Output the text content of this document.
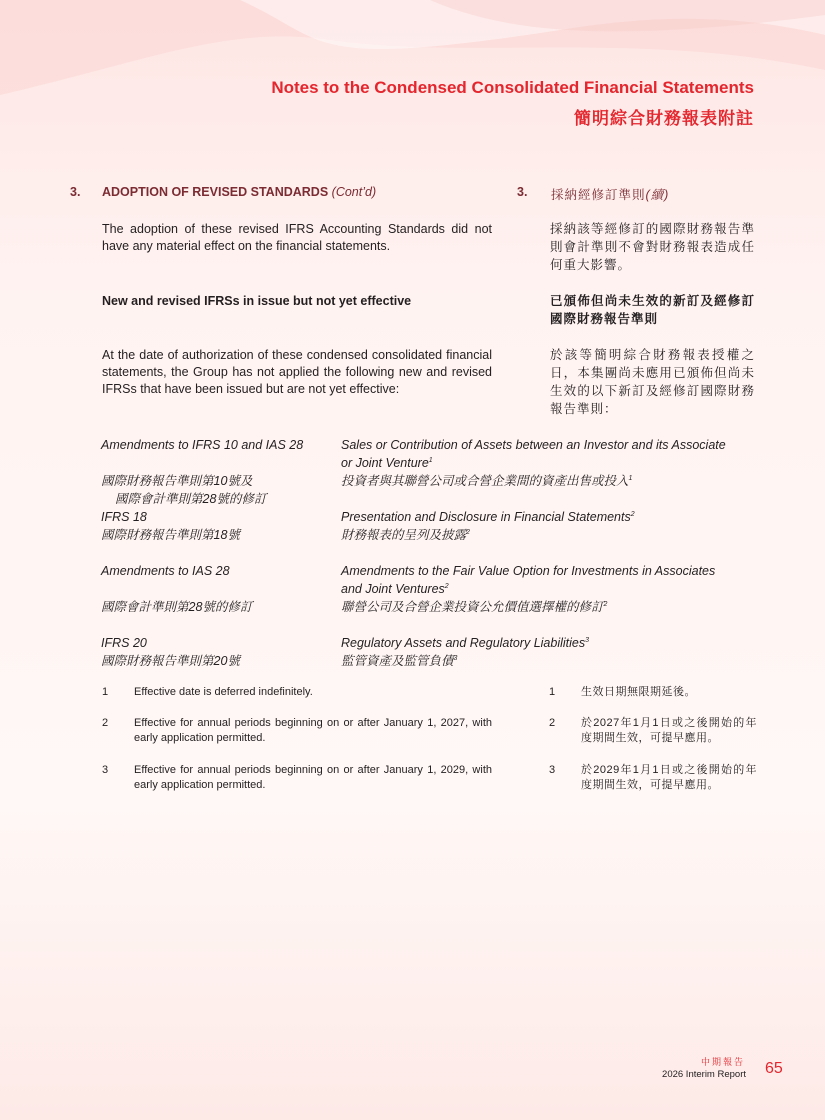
Notes to the Condensed Consolidated Financial Statements
簡明綜合財務報表附註
3. ADOPTION OF REVISED STANDARDS (Cont’d)	3. 採納經修訂準則(續)
The adoption of these revised IFRS Accounting Standards did not have any material effect on the financial statements.
採納該等經修訂的國際財務報告準則會計準則不會對財務報表造成任何重大影響。
New and revised IFRSs in issue but not yet effective	已頒佈但尚未生效的新訂及經修訂國際財務報告準則
At the date of authorization of these condensed consolidated financial statements, the Group has not applied the following new and revised IFRSs that have been issued but are not yet effective:
於該等簡明綜合財務報表授權之日，本集團尚未應用已頒佈但尚未生效的以下新訂及經修訂國際財務報告準則：
Amendments to IFRS 10 and IAS 28
國際財務報告準則第10號及
國際會計準則第28號的修訂
IFRS 18
國際財務報告準則第18號
Amendments to IAS 28
國際會計準則第28號的修訂
IFRS 20
國際財務報告準則第20號
Sales or Contribution of Assets between an Investor and its Associate
or Joint Venture$^1$
投資者與其聯營公司或合營企業間的資產出售或投入$^1$
Presentation and Disclosure in Financial Statements$^2$
財務報表的呈列及披露$^2$
Amendments to the Fair Value Option for Investments in Associates
and Joint Ventures$^2$
聯營公司及合營企業投資公允價值選擇權的修訂$^2$
Regulatory Assets and Regulatory Liabilities$^3$
監管資產及監管負債$^3$
1 Effective date is deferred indefinitely.
2 Effective for annual periods beginning on or after January 1, 2027, with early application permitted.
3 Effective for annual periods beginning on or after January 1, 2029, with early application permitted.
1 生效日期無限期延後。
2 於2027年1月1日或之後開始的年度期間生效，可提早應用。
3 於2029年1月1日或之後開始的年度期間生效，可提早應用。
中期報告
2026 Interim Report 65
